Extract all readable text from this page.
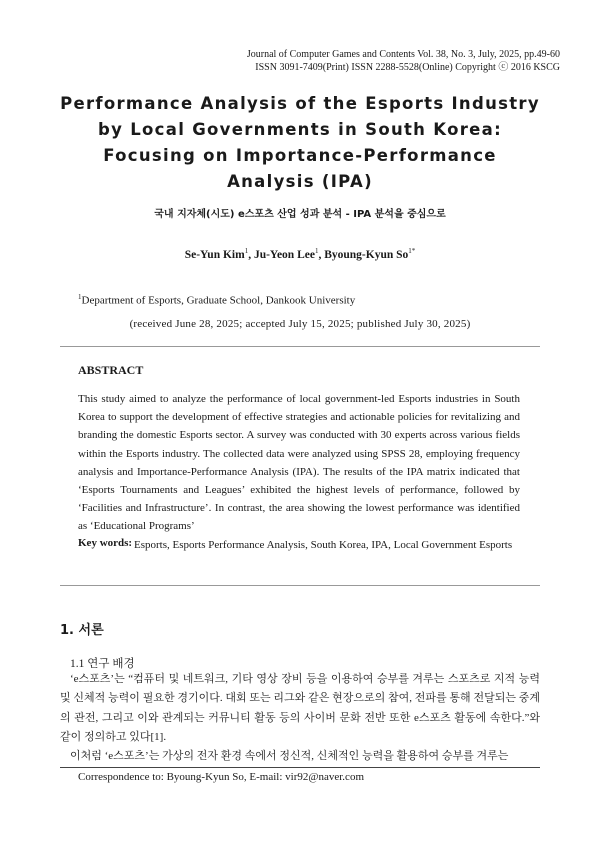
Journal of Computer Games and Contents Vol. 38, No. 3, July, 2025, pp.49-60
ISSN 3091-7409(Print) ISSN 2288-5528(Online) Copyright ⓒ 2016 KSCG
Performance Analysis of the Esports Industry
by Local Governments in South Korea:
Focusing on Importance-Performance
Analysis (IPA)
국내 지자체(시도) e스포츠 산업 성과 분석 - IPA 분석을 중심으로
Se-Yun Kim$^1$, Ju-Yeon Lee$^1$, Byoung-Kyun $So^{1*}$
$^1$Department of Esports, Graduate School, Dankook University
(received June 28, 2025; accepted July 15, 2025; published July 30, 2025)
ABSTRACT
This study aimed to analyze the performance of local government-led Esports industries in South Korea to support the development of effective strategies and actionable policies for revitalizing and branding the domestic Esports sector. A survey was conducted with 30 experts across various fields within the Esports industry. The collected data were analyzed using SPSS 28, employing frequency analysis and Importance-Performance Analysis (IPA). The results of the IPA matrix indicated that ‘Esports Tournaments and Leagues’ exhibited the highest levels of performance, followed by ‘Facilities and Infrastructure’. In contrast, the area showing the lowest performance was identified as ‘Educational Programs’
Key words: Esports, Esports Performance Analysis, South Korea, IPA, Local Government Esports
1. 서론
1.1 연구 배경

‘e스포츠’는 “컴퓨터 및 네트워크, 기타 영상 장비 등을 이용하여 승부를 겨루는 스포츠로 지적 능력 및 신체적 능력이 필요한 경기이다. 대회 또는 리그와 같은 현장으로의 참여, 전파를 통해 전달되는 중계의 관전, 그리고 이와 관계되는 커뮤니티 활동 등의 사이버 문화 전반 또한 e스포츠 활동에 속한다.”와 같이 정의하고 있다[1].

이처럼 ‘e스포츠’는 가상의 전자 환경 속에서 정신적, 신체적인 능력을 활용하여 승부를 겨루는

Correspondence to: Byoung-Kyun So, E-mail: vir92@naver.com
